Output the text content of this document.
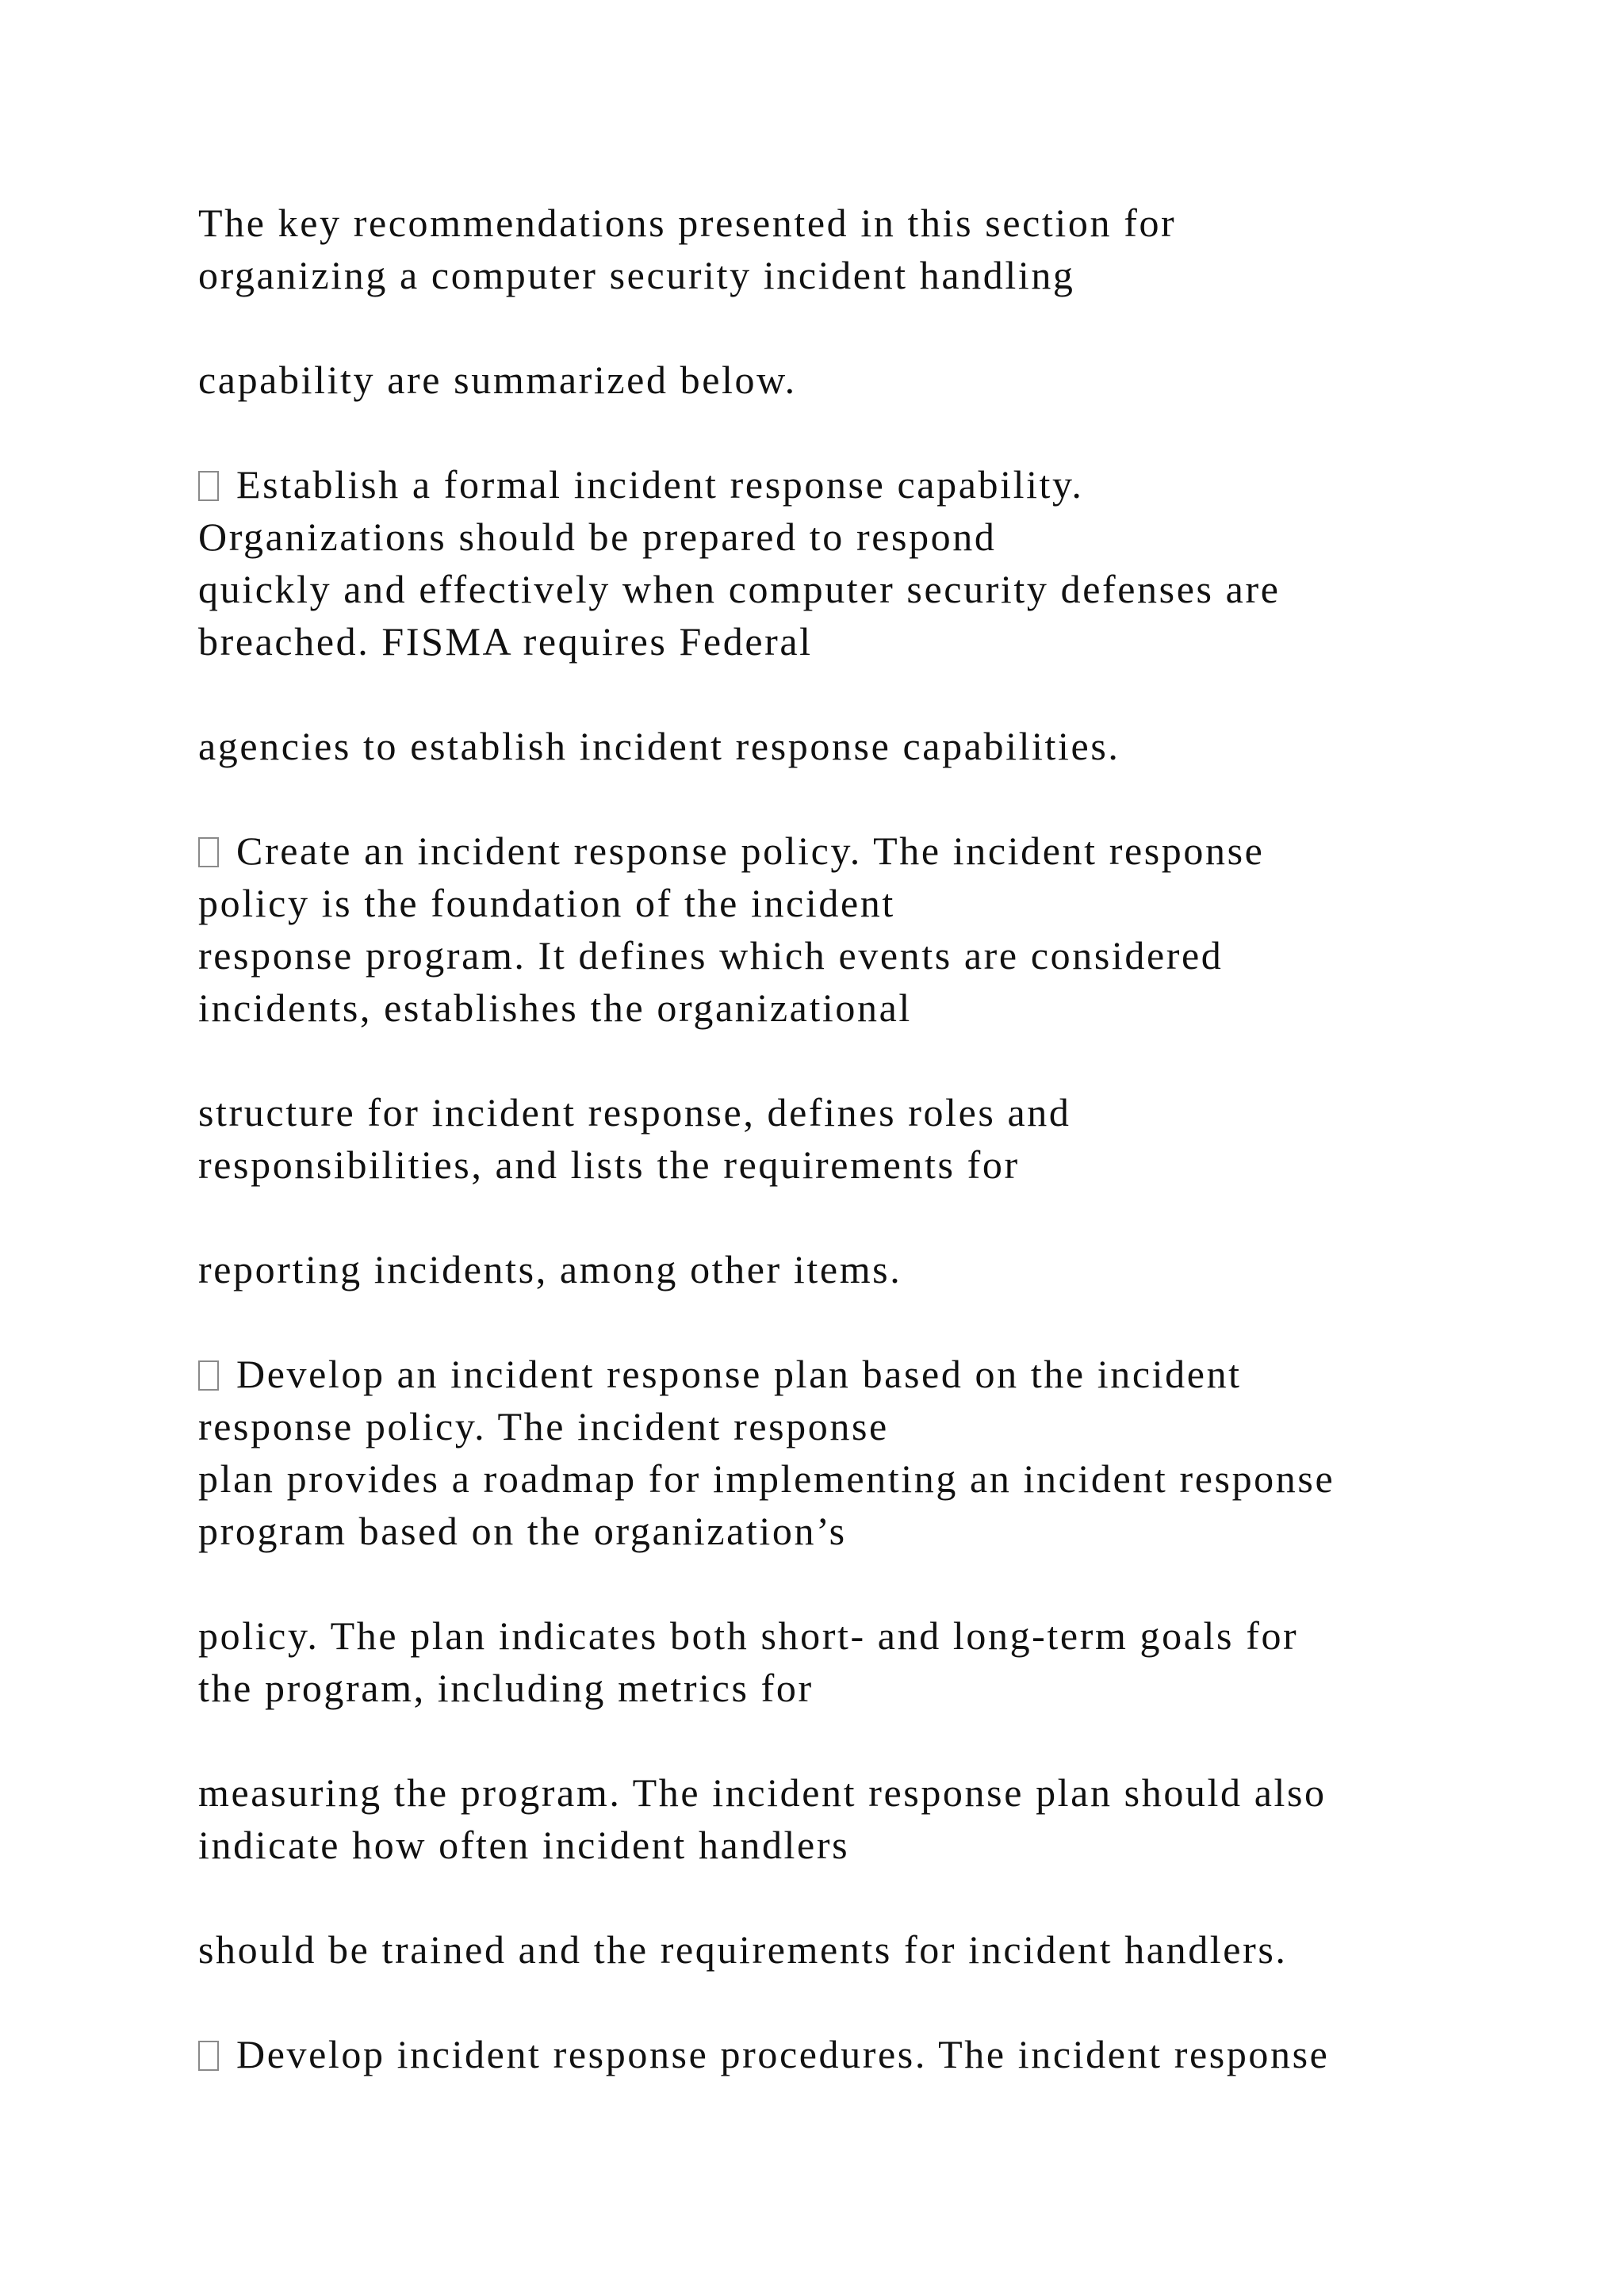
The key recommendations presented in this section for
organizing a computer security incident handling
capability are summarized below.
Establish a formal incident response capability.
Organizations should be prepared to respond
quickly and effectively when computer security defenses are
breached. FISMA requires Federal
agencies to establish incident response capabilities.
Create an incident response policy. The incident response
policy is the foundation of the incident
response program. It defines which events are considered
incidents, establishes the organizational
structure for incident response, defines roles and
responsibilities, and lists the requirements for
reporting incidents, among other items.
Develop an incident response plan based on the incident
response policy. The incident response
plan provides a roadmap for implementing an incident response
program based on the organization’s
policy. The plan indicates both short- and long-term goals for
the program, including metrics for
measuring the program. The incident response plan should also
indicate how often incident handlers
should be trained and the requirements for incident handlers.
Develop incident response procedures. The incident response
